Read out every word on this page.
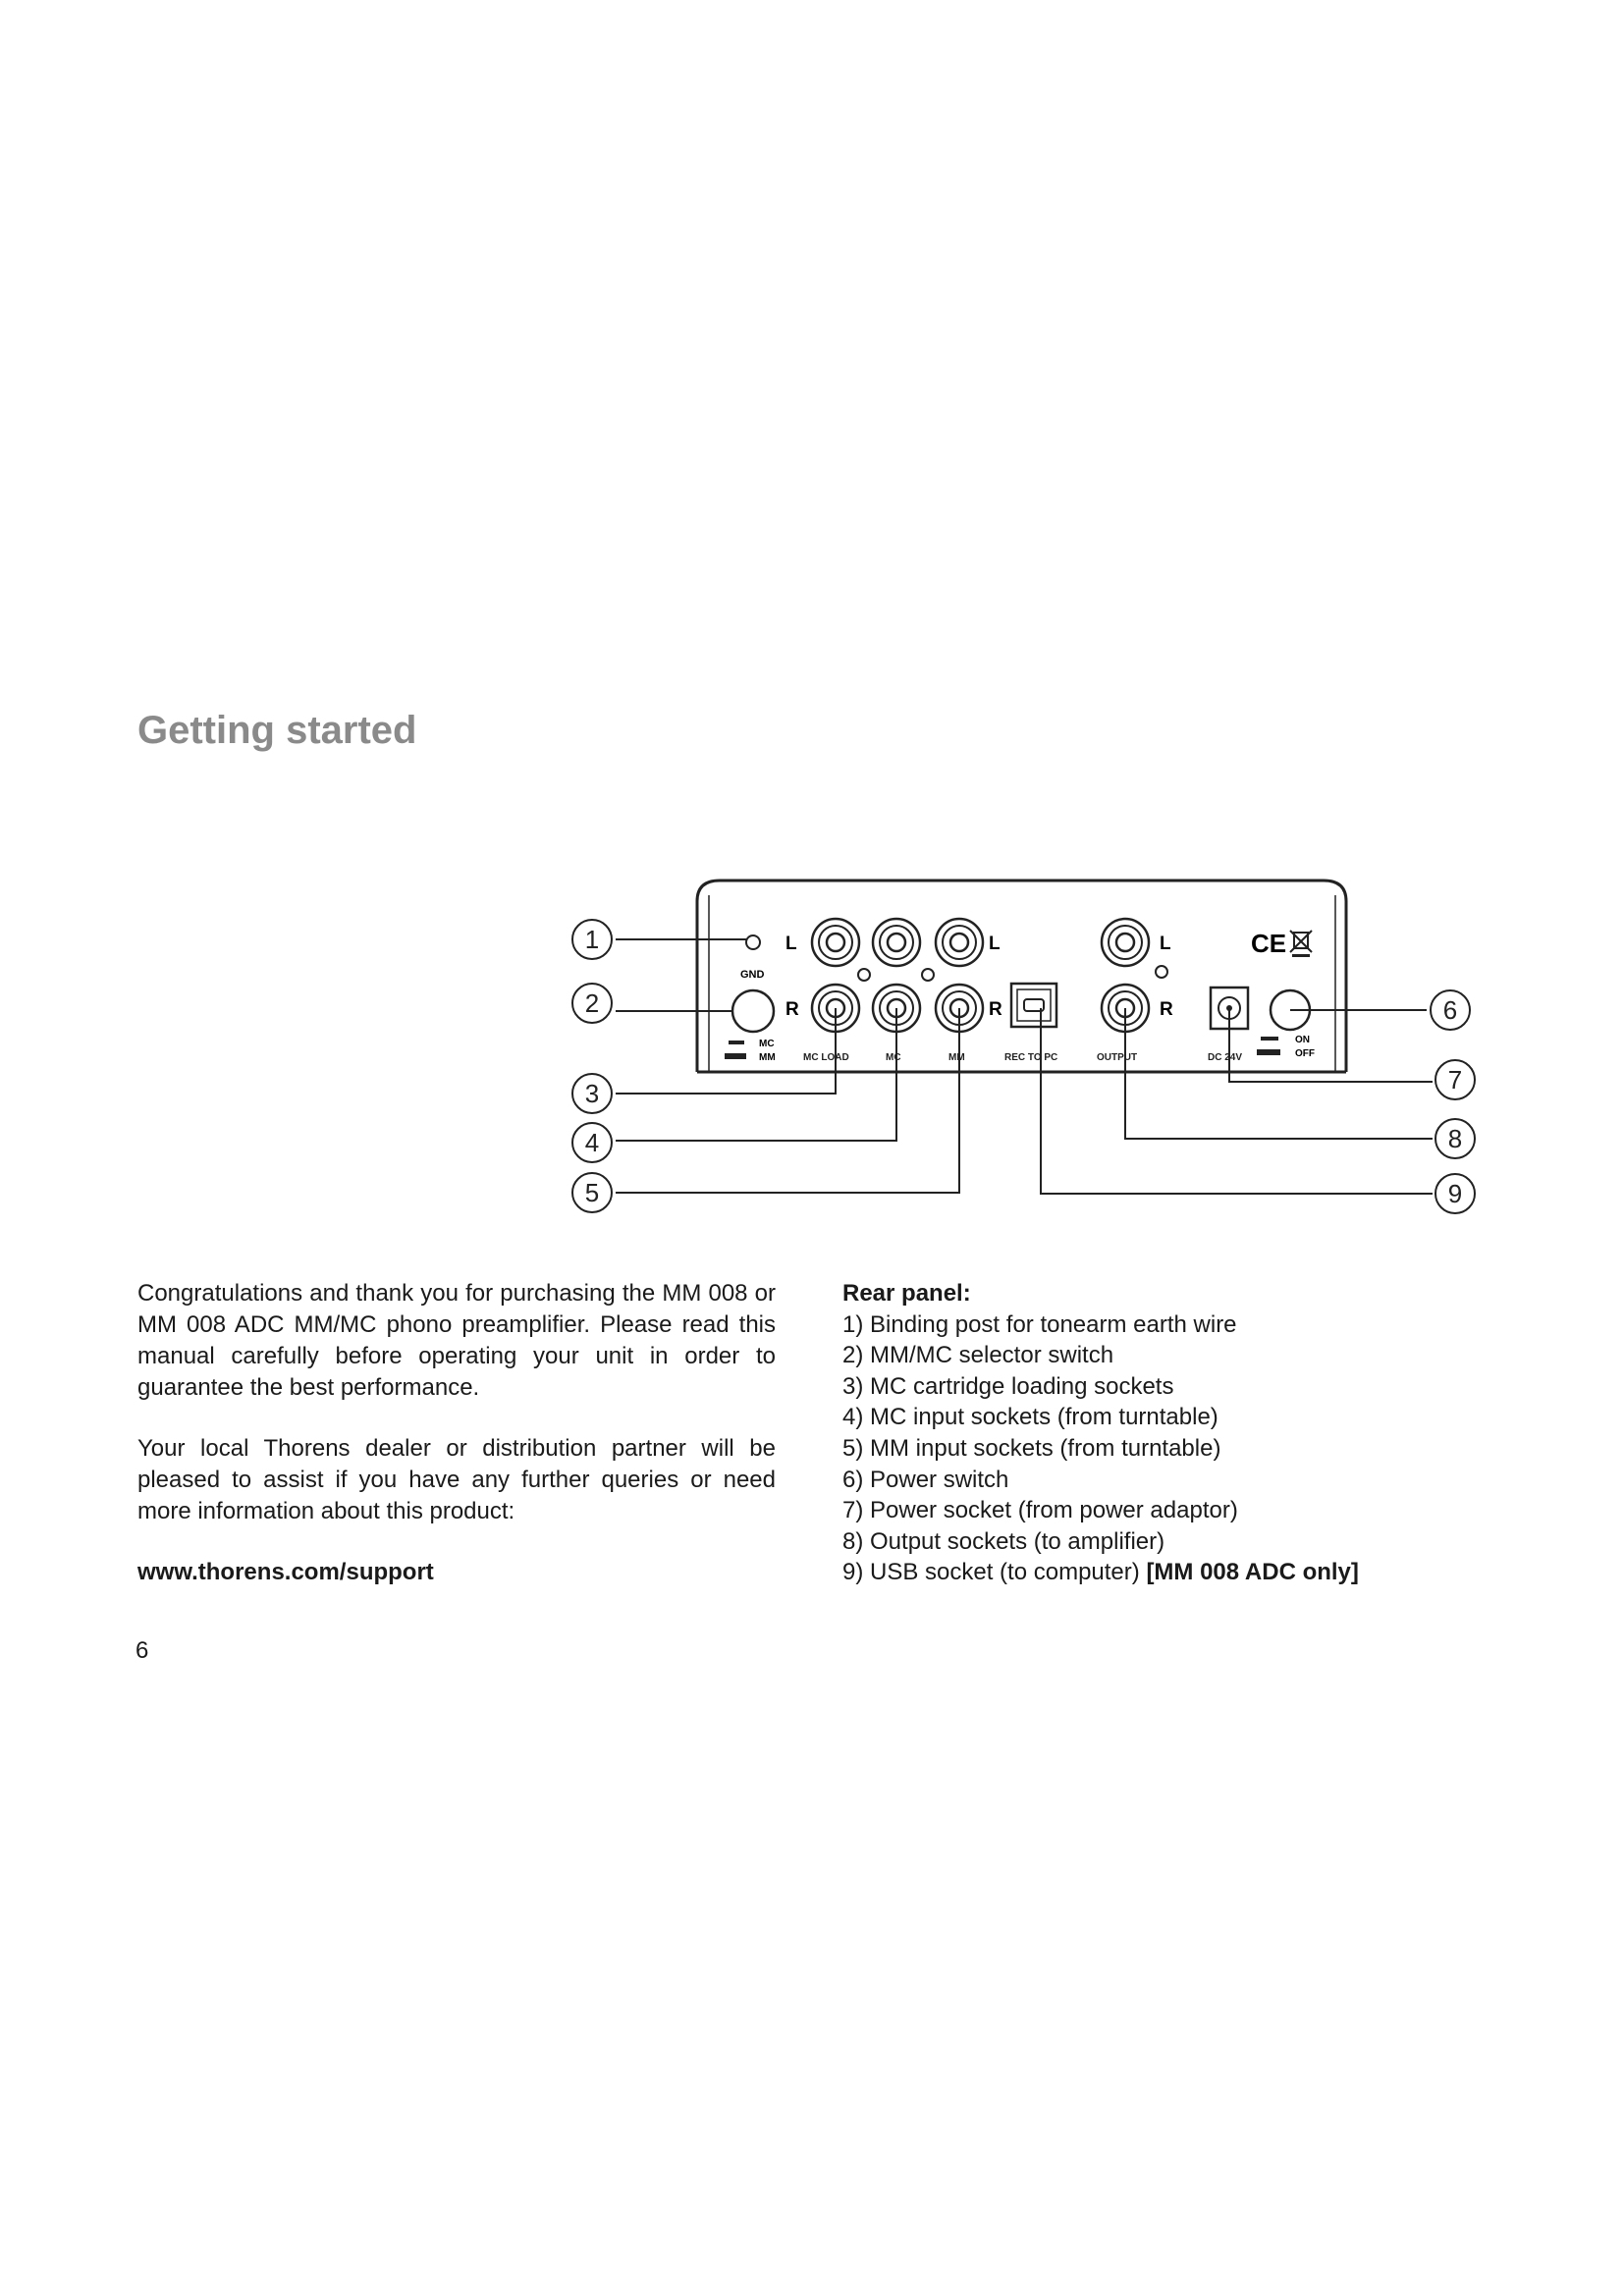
Getting started
GND
MC
MM
L	L	L
R	R	R
ON
OFF
CE
MC LOAD	MC	MM	REC TO PC	OUTPUT	DC 24V
1
2
3
4
5
6
7
8
9

Congratulations and thank you for purchasing the MM 008 or MM 008 ADC MM/MC phono preamplifier. Please read this manual carefully before operating your unit in order to guarantee the best performance.

Your local Thorens dealer or distribution partner will be pleased to assist if you have any further queries or need more information about this product:

www.thorens.com/support
Rear panel:
1) Binding post for tonearm earth wire
2) MM/MC selector switch
3) MC cartridge loading sockets
4) MC input sockets (from turntable)
5) MM input sockets (from turntable)
6) Power switch
7) Power socket (from power adaptor)
8) Output sockets (to amplifier)
9) USB socket (to computer) [MM 008 ADC only]
6
